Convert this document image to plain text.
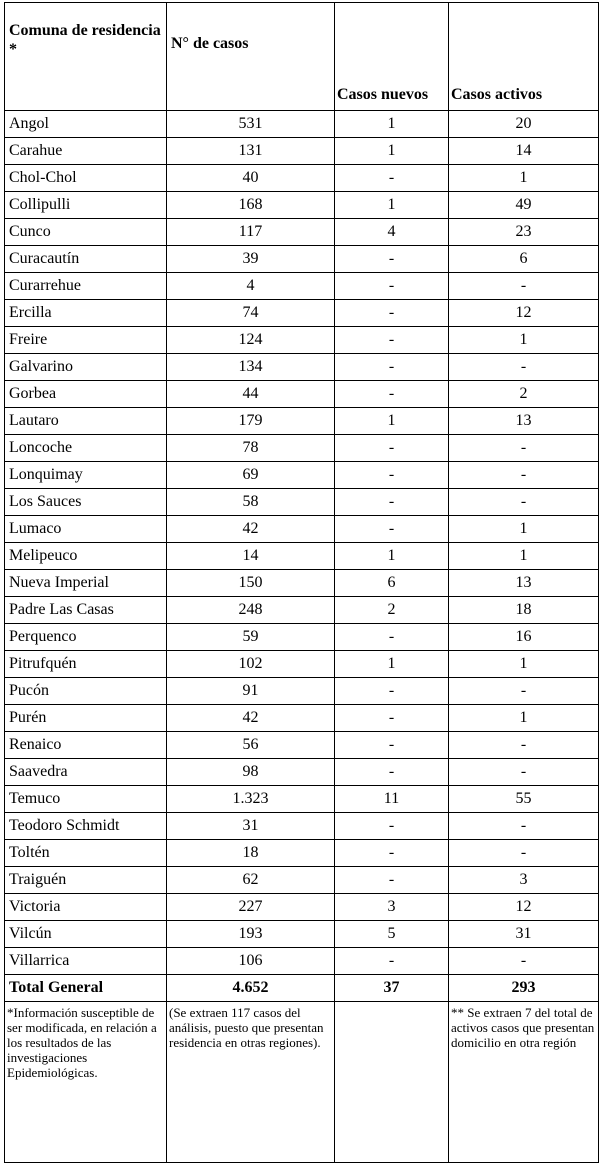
Comuna de residencia *	N° de casos	Casos nuevos	Casos activos
Angol	531	1	20
Carahue	131	1	14
Chol-Chol	40	-	1
Collipulli	168	1	49
Cunco	117	4	23
Curacautín	39	-	6
Curarrehue	4	-	-
Ercilla	74	-	12
Freire	124	-	1
Galvarino	134	-	-
Gorbea	44	-	2
Lautaro	179	1	13
Loncoche	78	-	-
Lonquimay	69	-	-
Los Sauces	58	-	-
Lumaco	42	-	1
Melipeuco	14	1	1
Nueva Imperial	150	6	13
Padre Las Casas	248	2	18
Perquenco	59	-	16
Pitrufquén	102	1	1
Pucón	91	-	-
Purén	42	-	1
Renaico	56	-	-
Saavedra	98	-	-
Temuco	1.323	11	55
Teodoro Schmidt	31	-	-
Toltén	18	-	-
Traiguén	62	-	3
Victoria	227	3	12
Vilcún	193	5	31
Villarrica	106	-	-
Total General	4.652	37	293
*Información susceptible de ser modificada, en relación a los resultados de las investigaciones Epidemiológicas.	(Se extraen 117 casos del análisis, puesto que presentan residencia en otras regiones).		** Se extraen 7 del total de activos casos que presentan domicilio en otra región
